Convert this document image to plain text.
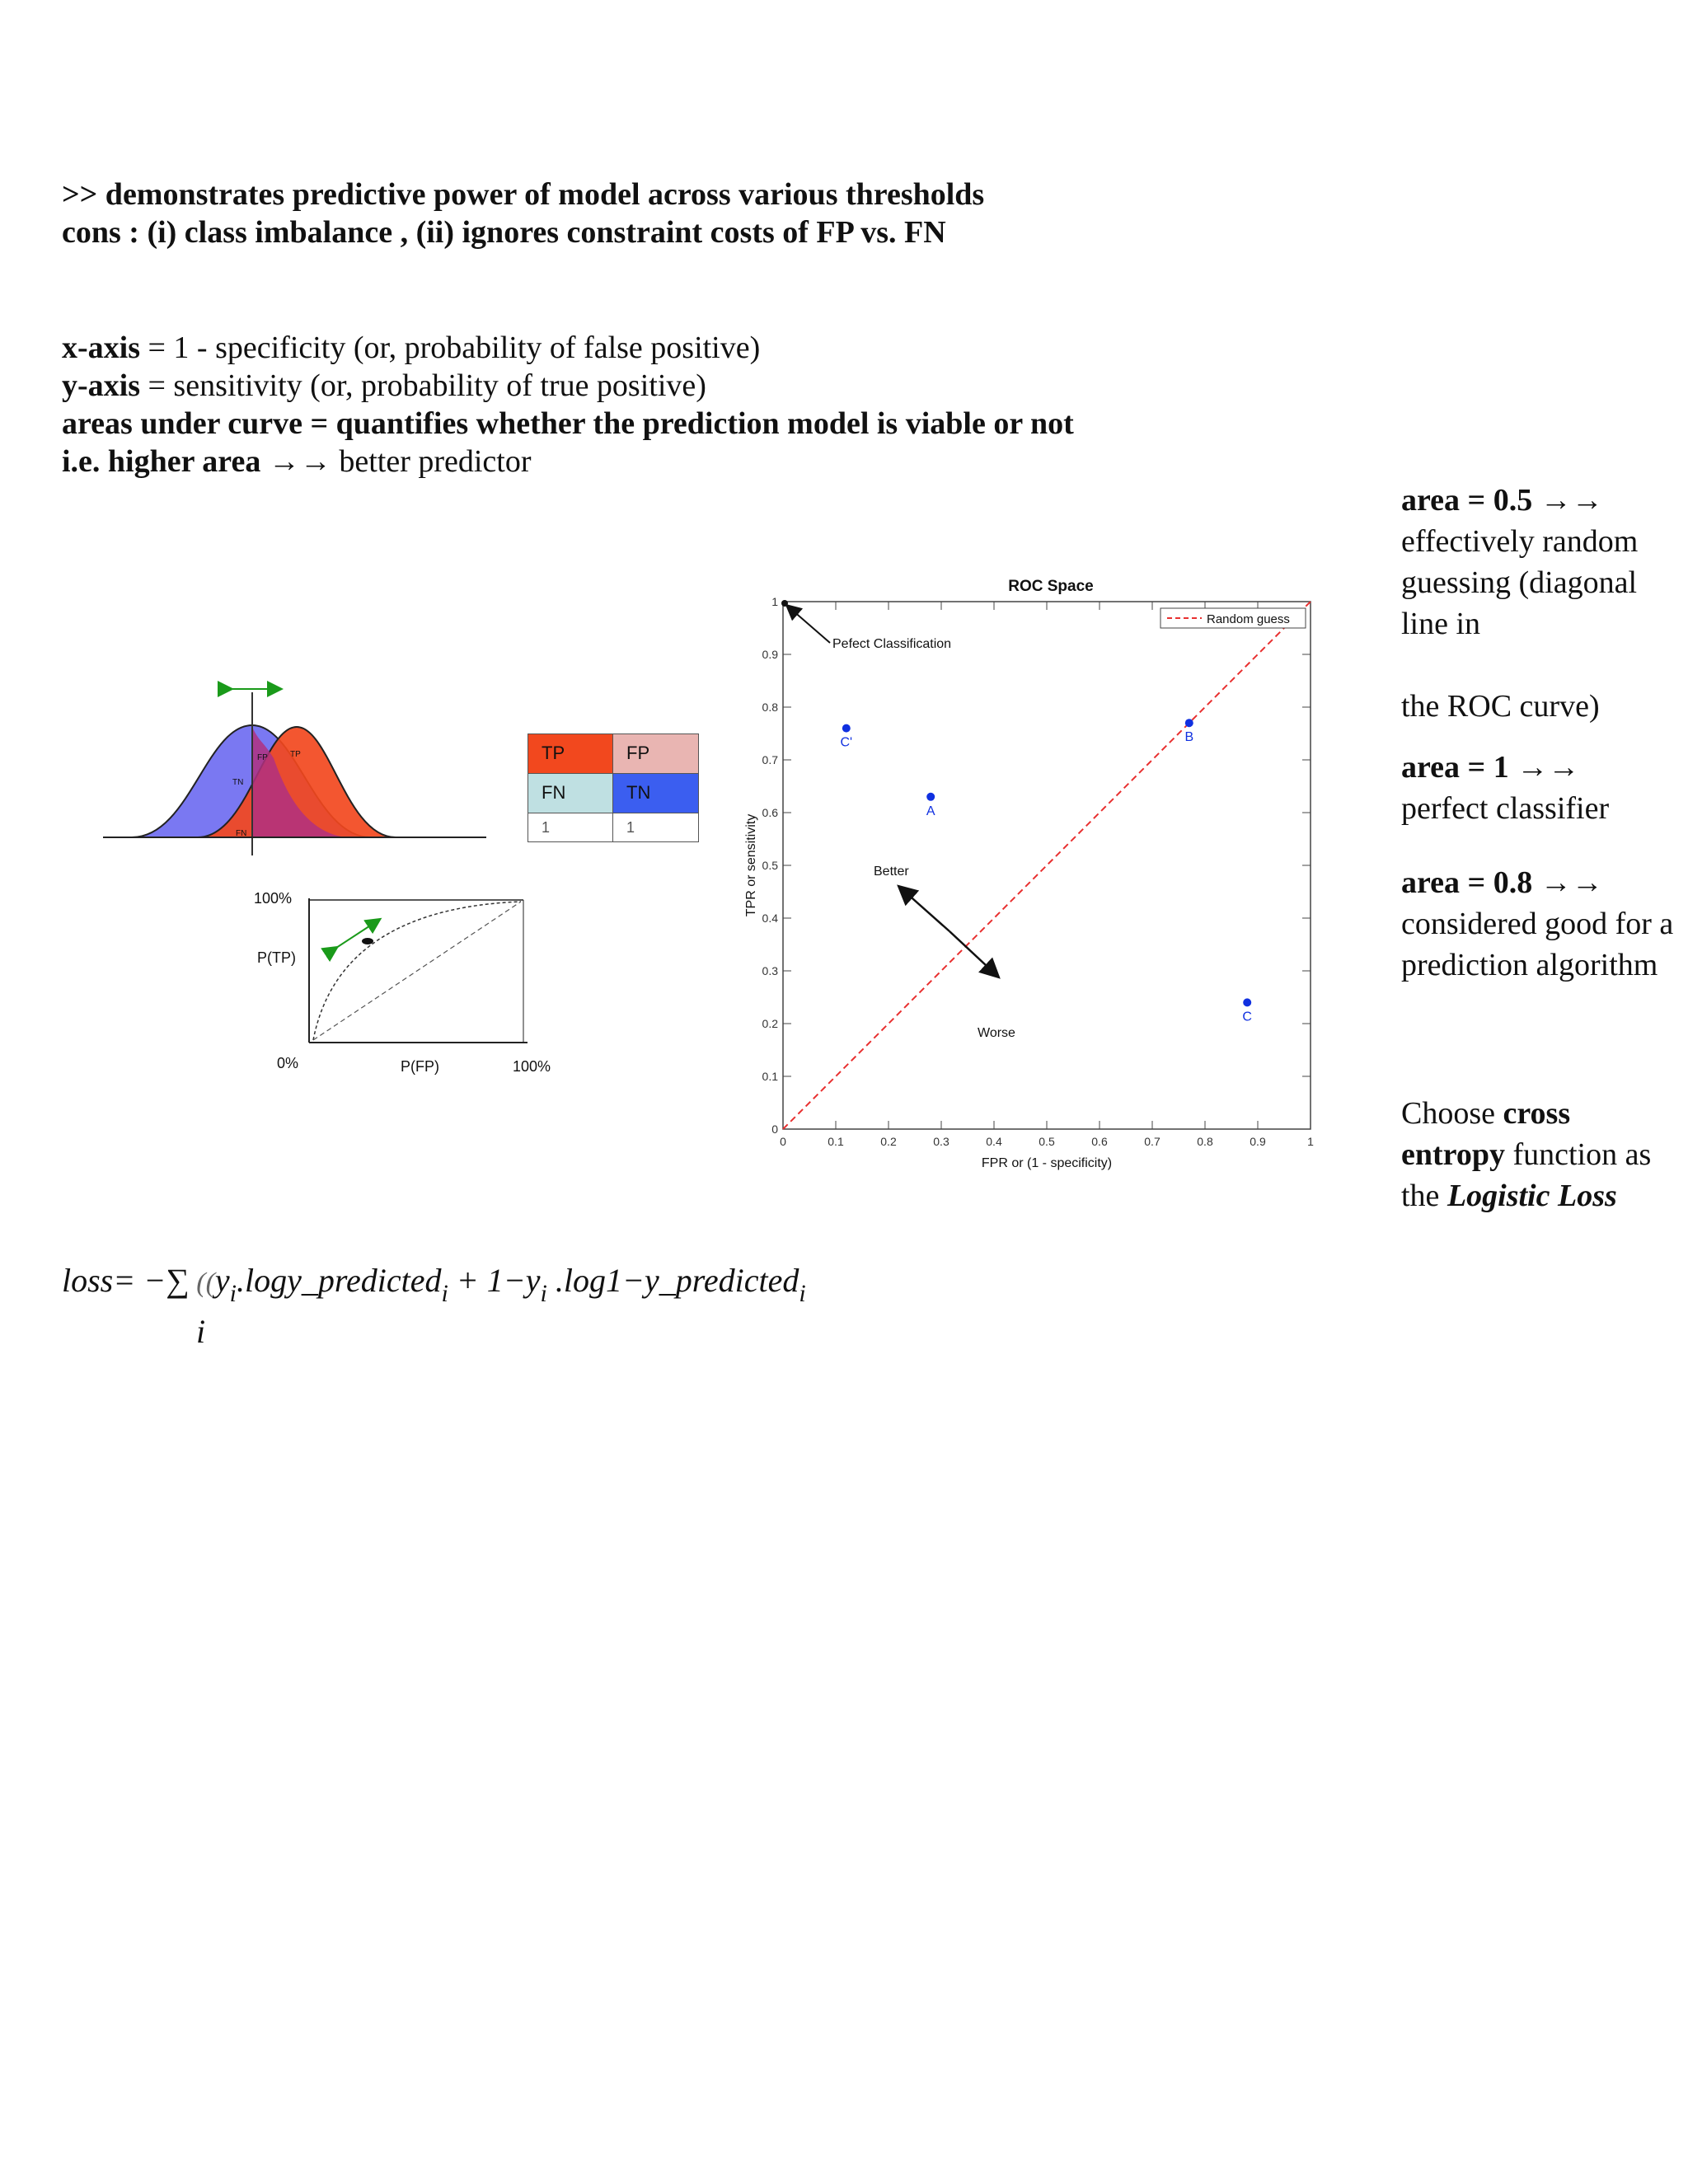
>> demonstrates predictive power of model across various thresholds
cons : (i) class imbalance , (ii) ignores constraint costs of FP vs. FN
x-axis = 1 - specificity (or, probability of false positive)
y-axis = sensitivity (or, probability of true positive)
areas under curve = quantifies whether the prediction model is viable or not
i.e. higher area →→ better predictor
area = 0.5 →→
effectively random guessing (diagonal line in

the ROC curve)
area = 1 →→
perfect classifier
area = 0.8 →→
considered good for a prediction algorithm
Choose cross entropy function as the Logistic Loss
TN
FP	TP
FN
TP	FP
FN	TN
1	1
100%
P(TP)
0%	P(FP)	100%
ROC Space
0
0
0.1
0.1
0.2
0.2
0.3
0.3
0.4
0.4
0.5
0.5
0.6
0.6
0.7
0.7
0.8
0.8
0.9
0.9
1
1
Random guess
Pefect Classification
Better
Worse
TPR or sensitivity
FPR or (1 - specificity)
C'
A
B
C
loss= −∑
i
(($y_i.\log y\_predicted_i + 1-y_i$ .log1−y_predicted$_i$
